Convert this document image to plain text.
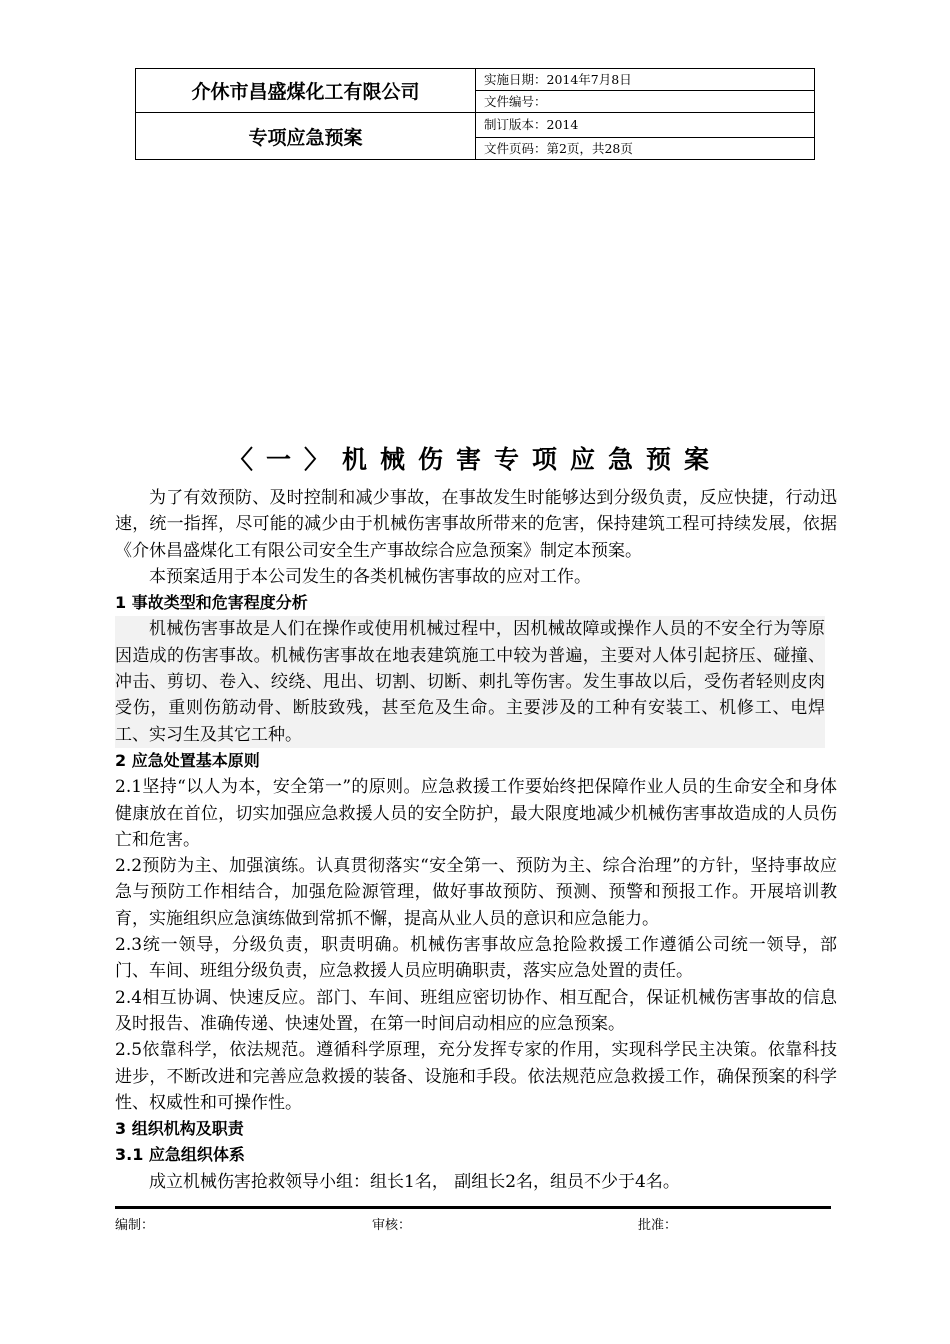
介休市昌盛煤化工有限公司	实施日期：2014年7月8日
	文件编号：
专项应急预案	制订版本：2014
	文件页码：第2页，共28页
〈一〉机械伤害专项应急预案

为了有效预防、及时控制和减少事故，在事故发生时能够达到分级负责，反应快捷，行动迅速，统一指挥，尽可能的减少由于机械伤害事故所带来的危害，保持建筑工程可持续发展，依据《介休昌盛煤化工有限公司安全生产事故综合应急预案》制定本预案。

本预案适用于本公司发生的各类机械伤害事故的应对工作。

1 事故类型和危害程度分析

机械伤害事故是人们在操作或使用机械过程中，因机械故障或操作人员的不安全行为等原因造成的伤害事故。机械伤害事故在地表建筑施工中较为普遍，主要对人体引起挤压、碰撞、冲击、剪切、卷入、绞绕、甩出、切割、切断、刺扎等伤害。发生事故以后，受伤者轻则皮肉受伤，重则伤筋动骨、断肢致残，甚至危及生命。主要涉及的工种有安装工、机修工、电焊工、实习生及其它工种。

2 应急处置基本原则

2.1坚持“以人为本，安全第一”的原则。应急救援工作要始终把保障作业人员的生命安全和身体健康放在首位，切实加强应急救援人员的安全防护，最大限度地减少机械伤害事故造成的人员伤亡和危害。

2.2预防为主、加强演练。认真贯彻落实“安全第一、预防为主、综合治理”的方针，坚持事故应急与预防工作相结合，加强危险源管理，做好事故预防、预测、预警和预报工作。开展培训教育，实施组织应急演练做到常抓不懈，提高从业人员的意识和应急能力。

2.3统一领导，分级负责，职责明确。机械伤害事故应急抢险救援工作遵循公司统一领导，部门、车间、班组分级负责，应急救援人员应明确职责，落实应急处置的责任。

2.4相互协调、快速反应。部门、车间、班组应密切协作、相互配合，保证机械伤害事故的信息及时报告、准确传递、快速处置，在第一时间启动相应的应急预案。

2.5依靠科学，依法规范。遵循科学原理，充分发挥专家的作用，实现科学民主决策。依靠科技进步，不断改进和完善应急救援的装备、设施和手段。依法规范应急救援工作，确保预案的科学性、权威性和可操作性。

3 组织机构及职责

3.1 应急组织体系

成立机械伤害抢救领导小组：组长1名， 副组长2名，组员不少于4名。

编制：	审核：	批准：
